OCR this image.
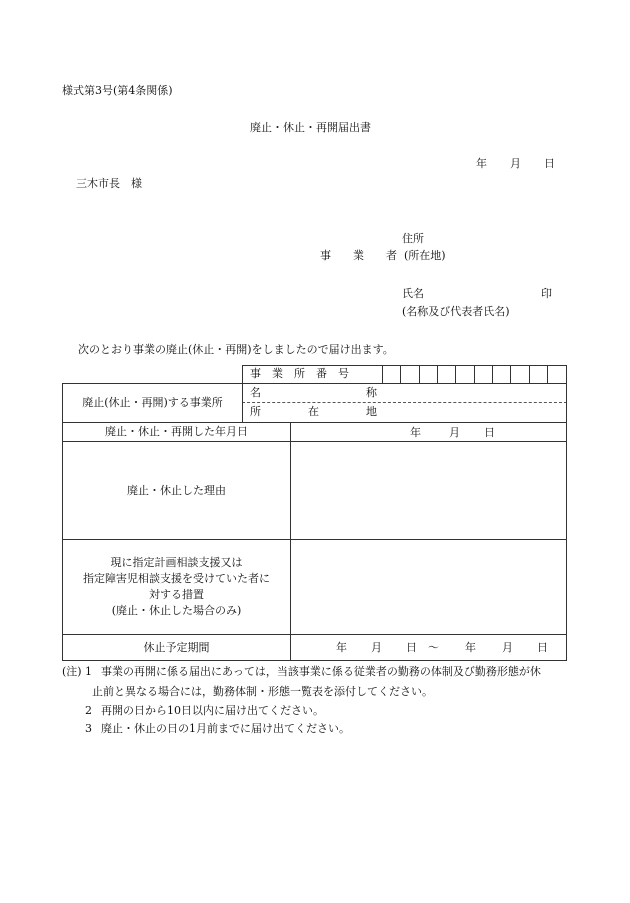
様式第3号(第4条関係)
廃止・休止・再開届出書
年 月 日
三木市長　様
住所
事　　業　　者 (所在地)
氏名	印
(名称及び代表者氏名)
次のとおり事業の廃止(休止・再開)をしましたので届け出ます。
事　業　所　番　号
廃止(休止・再開)する事業所
名	称
所	在	地
廃止・休止・再開した年月日	年	月 日
廃止・休止した理由
現に指定計画相談支援又は
指定障害児相談支援を受けていた者に
対する措置
(廃止・休止した場合のみ)
休止予定期間	年 月 日 ～ 年 月 日
(注) 1 事業の再開に係る届出にあっては，当該事業に係る従業者の勤務の体制及び勤務形態が休
止前と異なる場合には，勤務体制・形態一覧表を添付してください。
2 再開の日から10日以内に届け出てください。
3 廃止・休止の日の1月前までに届け出てください。
